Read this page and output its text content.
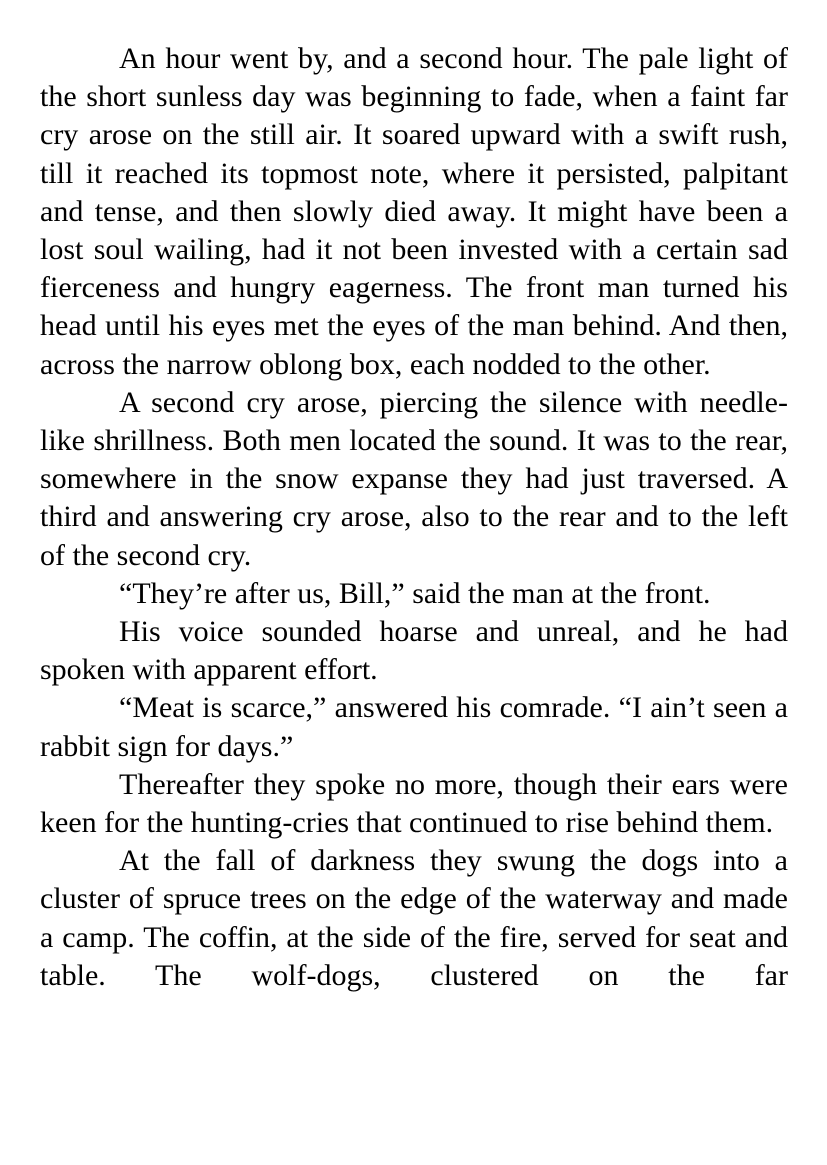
An hour went by, and a second hour. The pale light of the short sunless day was beginning to fade, when a faint far cry arose on the still air. It soared upward with a swift rush, till it reached its topmost note, where it persisted, palpitant and tense, and then slowly died away. It might have been a lost soul wailing, had it not been invested with a certain sad fierceness and hungry eagerness. The front man turned his head until his eyes met the eyes of the man behind. And then, across the narrow oblong box, each nodded to the other.

A second cry arose, piercing the silence with needle-like shrillness. Both men located the sound. It was to the rear, somewhere in the snow expanse they had just traversed. A third and answering cry arose, also to the rear and to the left of the second cry.

“They’re after us, Bill,” said the man at the front.

His voice sounded hoarse and unreal, and he had spoken with apparent effort.

“Meat is scarce,” answered his comrade. “I ain’t seen a rabbit sign for days.”

Thereafter they spoke no more, though their ears were keen for the hunting-cries that continued to rise behind them.

At the fall of darkness they swung the dogs into a cluster of spruce trees on the edge of the waterway and made a camp. The coffin, at the side of the fire, served for seat and table. The wolf-dogs, clustered on the far
